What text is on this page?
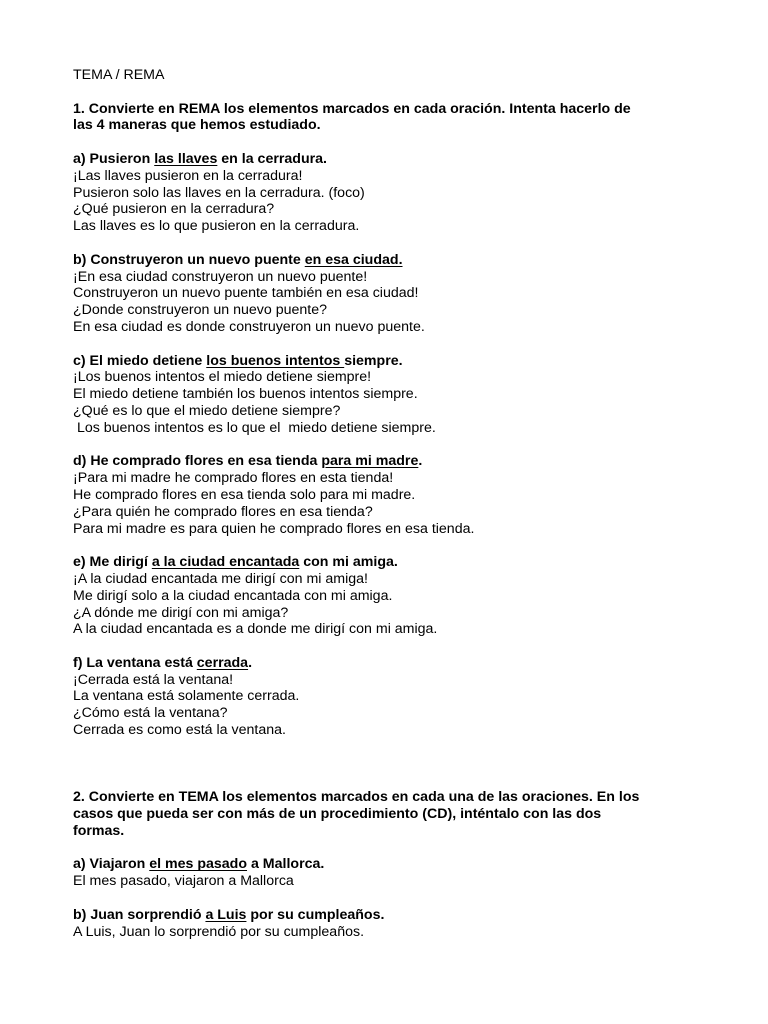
TEMA / REMA
1. Convierte en REMA los elementos marcados en cada oración. Intenta hacerlo de
las 4 maneras que hemos estudiado.
a) Pusieron las llaves en la cerradura.
¡Las llaves pusieron en la cerradura!
Pusieron solo las llaves en la cerradura. (foco)
¿Qué pusieron en la cerradura?
Las llaves es lo que pusieron en la cerradura.
b) Construyeron un nuevo puente en esa ciudad.
¡En esa ciudad construyeron un nuevo puente!
Construyeron un nuevo puente también en esa ciudad!
¿Donde construyeron un nuevo puente?
En esa ciudad es donde construyeron un nuevo puente.
c) El miedo detiene los buenos intentos siempre.
¡Los buenos intentos el miedo detiene siempre!
El miedo detiene también los buenos intentos siempre.
¿Qué es lo que el miedo detiene siempre?
Los buenos intentos es lo que el  miedo detiene siempre.
d) He comprado flores en esa tienda para mi madre.
¡Para mi madre he comprado flores en esta tienda!
He comprado flores en esa tienda solo para mi madre.
¿Para quién he comprado flores en esa tienda?
Para mi madre es para quien he comprado flores en esa tienda.
e) Me dirigí a la ciudad encantada con mi amiga.
¡A la ciudad encantada me dirigí con mi amiga!
Me dirigí solo a la ciudad encantada con mi amiga.
¿A dónde me dirigí con mi amiga?
A la ciudad encantada es a donde me dirigí con mi amiga.
f) La ventana está cerrada.
¡Cerrada está la ventana!
La ventana está solamente cerrada.
¿Cómo está la ventana?
Cerrada es como está la ventana.
2. Convierte en TEMA los elementos marcados en cada una de las oraciones. En los
casos que pueda ser con más de un procedimiento (CD), inténtalo con las dos
formas.
a) Viajaron el mes pasado a Mallorca.
El mes pasado, viajaron a Mallorca
b) Juan sorprendió a Luis por su cumpleaños.
A Luis, Juan lo sorprendió por su cumpleaños.
